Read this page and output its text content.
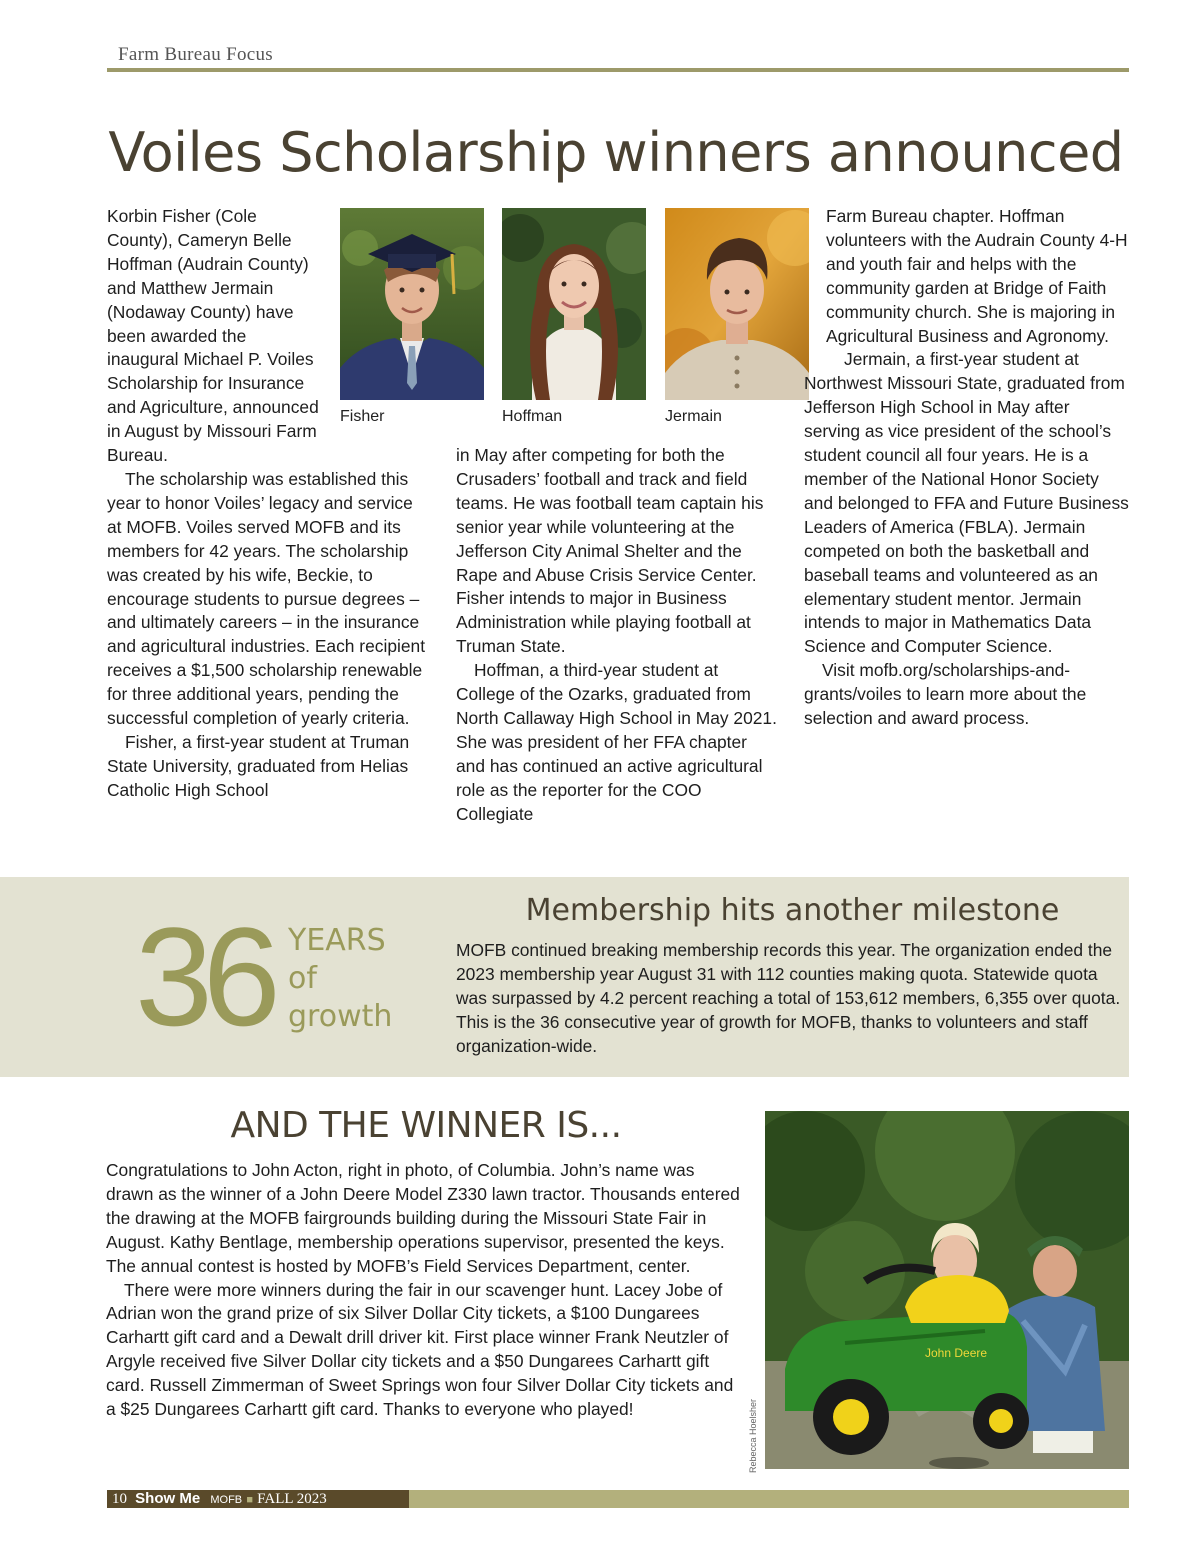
Farm Bureau Focus
Voiles Scholarship winners announced

Korbin Fisher (Cole County), Cameryn Belle Hoffman (Audrain County) and Matthew Jermain (Nodaway County) have been awarded the inaugural Michael P. Voiles Scholarship for Insurance and Agriculture, announced in August by Missouri Farm Bureau.

The scholarship was established this year to honor Voiles’ legacy and service at MOFB. Voiles served MOFB and its members for 42 years. The scholarship was created by his wife, Beckie, to encourage students to pursue degrees – and ultimately careers – in the insurance and agricultural industries. Each recipient receives a $1,500 scholarship renewable for three additional years, pending the successful completion of yearly criteria.

Fisher, a first-year student at Truman State University, graduated from Helias Catholic High School

Fisher	Hoffman	Jermain

in May after competing for both the Crusaders’ football and track and field teams. He was football team captain his senior year while volunteering at the Jefferson City Animal Shelter and the Rape and Abuse Crisis Service Center. Fisher intends to major in Business Administration while playing football at Truman State.

Hoffman, a third-year student at College of the Ozarks, graduated from North Callaway High School in May 2021. She was president of her FFA chapter and has continued an active agricultural role as the reporter for the COO Collegiate

Farm Bureau chapter. Hoffman volunteers with the Audrain County 4-H and youth fair and helps with the community garden at Bridge of Faith community church. She is majoring in Agricultural Business and Agronomy.

Jermain, a first-year student at Northwest Missouri State, graduated from Jefferson High School in May after serving as vice president of the school’s student council all four years. He is a member of the National Honor Society and belonged to FFA and Future Business Leaders of America (FBLA). Jermain competed on both the basketball and baseball teams and volunteered as an elementary student mentor. Jermain intends to major in Mathematics Data Science and Computer Science.

Visit mofb.org/scholarships-and-grants/voiles to learn more about the selection and award process.

36 YEARS
of
growth
Membership hits another milestone
MOFB continued breaking membership records this year. The organization ended the 2023 membership year August 31 with 112 counties making quota. Statewide quota was surpassed by 4.2 percent reaching a total of 153,612 members, 6,355 over quota. This is the 36 consecutive year of growth for MOFB, thanks to volunteers and staff organization-wide.
AND THE WINNER IS...

Congratulations to John Acton, right in photo, of Columbia. John’s name was drawn as the winner of a John Deere Model Z330 lawn tractor. Thousands entered the drawing at the MOFB fairgrounds building during the Missouri State Fair in August. Kathy Bentlage, membership operations supervisor, presented the keys. The annual contest is hosted by MOFB’s Field Services Department, center.

There were more winners during the fair in our scavenger hunt. Lacey Jobe of Adrian won the grand prize of six Silver Dollar City tickets, a $100 Dungarees Carhartt gift card and a Dewalt drill driver kit. First place winner Frank Neutzler of Argyle received five Silver Dollar city tickets and a $50 Dungarees Carhartt gift card. Russell Zimmerman of Sweet Springs won four Silver Dollar City tickets and a $25 Dungarees Carhartt gift card. Thanks to everyone who played!	Rebecca Hoelsher
John Deere
10 Show Me MOFB ■ FALL 2023
